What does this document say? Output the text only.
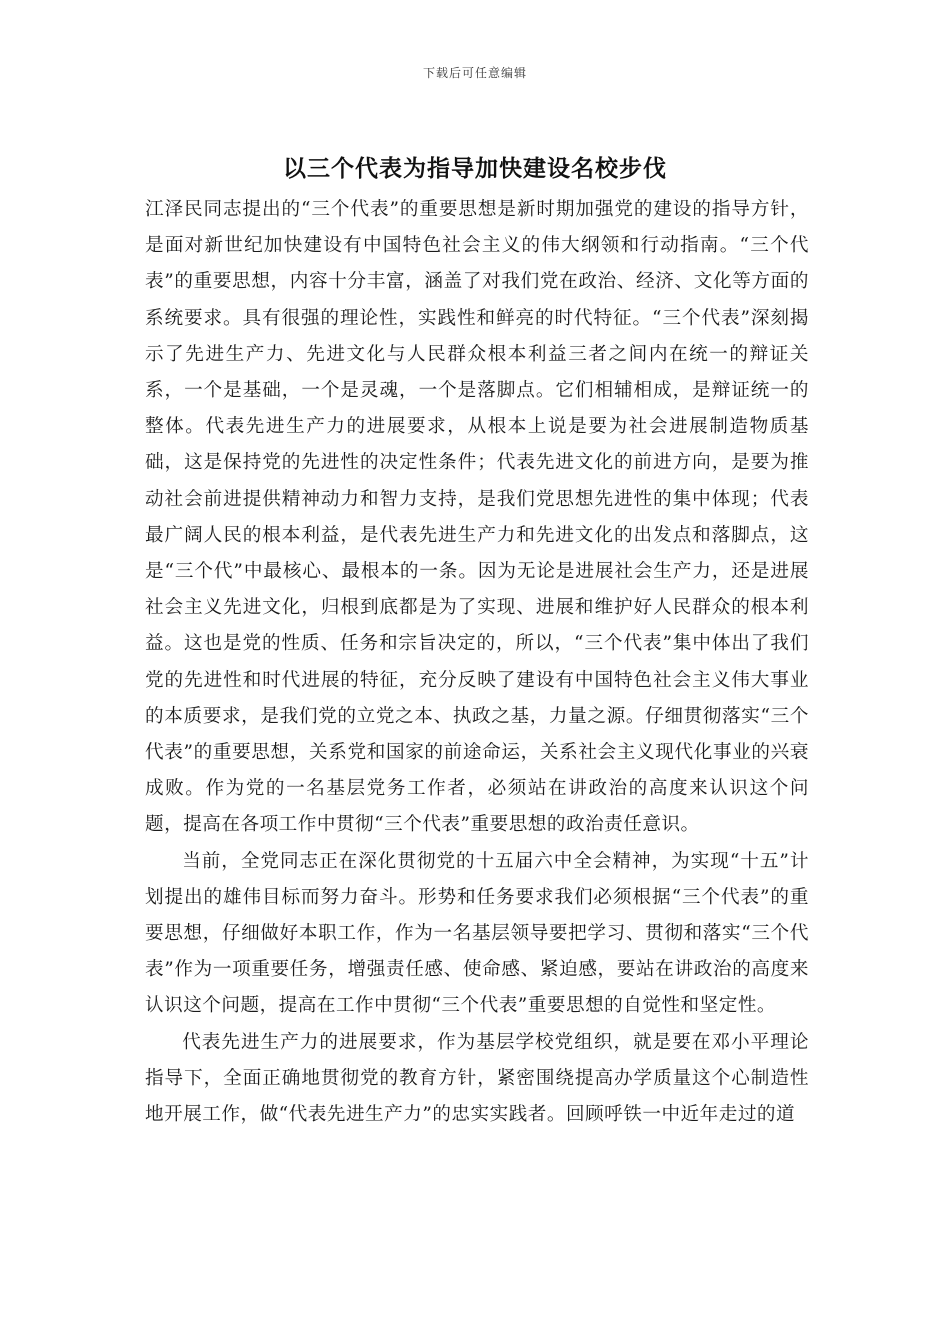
下载后可任意编辑
以三个代表为指导加快建设名校步伐

江泽民同志提出的“三个代表”的重要思想是新时期加强党的建设的指导方针，是面对新世纪加快建设有中国特色社会主义的伟大纲领和行动指南。“三个代表”的重要思想，内容十分丰富，涵盖了对我们党在政治、经济、文化等方面的系统要求。具有很强的理论性，实践性和鲜亮的时代特征。“三个代表”深刻揭示了先进生产力、先进文化与人民群众根本利益三者之间内在统一的辩证关系，一个是基础，一个是灵魂，一个是落脚点。它们相辅相成，是辩证统一的整体。代表先进生产力的进展要求，从根本上说是要为社会进展制造物质基础，这是保持党的先进性的决定性条件；代表先进文化的前进方向，是要为推动社会前进提供精神动力和智力支持，是我们党思想先进性的集中体现；代表最广阔人民的根本利益，是代表先进生产力和先进文化的出发点和落脚点，这是“三个代”中最核心、最根本的一条。因为无论是进展社会生产力，还是进展社会主义先进文化，归根到底都是为了实现、进展和维护好人民群众的根本利益。这也是党的性质、任务和宗旨决定的，所以，“三个代表”集中体出了我们党的先进性和时代进展的特征，充分反映了建设有中国特色社会主义伟大事业的本质要求，是我们党的立党之本、执政之基，力量之源。仔细贯彻落实“三个代表”的重要思想，关系党和国家的前途命运，关系社会主义现代化事业的兴衰成败。作为党的一名基层党务工作者，必须站在讲政治的高度来认识这个问题，提高在各项工作中贯彻“三个代表”重要思想的政治责任意识。

当前，全党同志正在深化贯彻党的十五届六中全会精神，为实现“十五”计划提出的雄伟目标而努力奋斗。形势和任务要求我们必须根据“三个代表”的重要思想，仔细做好本职工作，作为一名基层领导要把学习、贯彻和落实“三个代表”作为一项重要任务，增强责任感、使命感、紧迫感，要站在讲政治的高度来认识这个问题，提高在工作中贯彻“三个代表”重要思想的自觉性和坚定性。

代表先进生产力的进展要求，作为基层学校党组织，就是要在邓小平理论指导下，全面正确地贯彻党的教育方针，紧密围绕提高办学质量这个心制造性地开展工作，做“代表先进生产力”的忠实实践者。回顾呼铁一中近年走过的道
